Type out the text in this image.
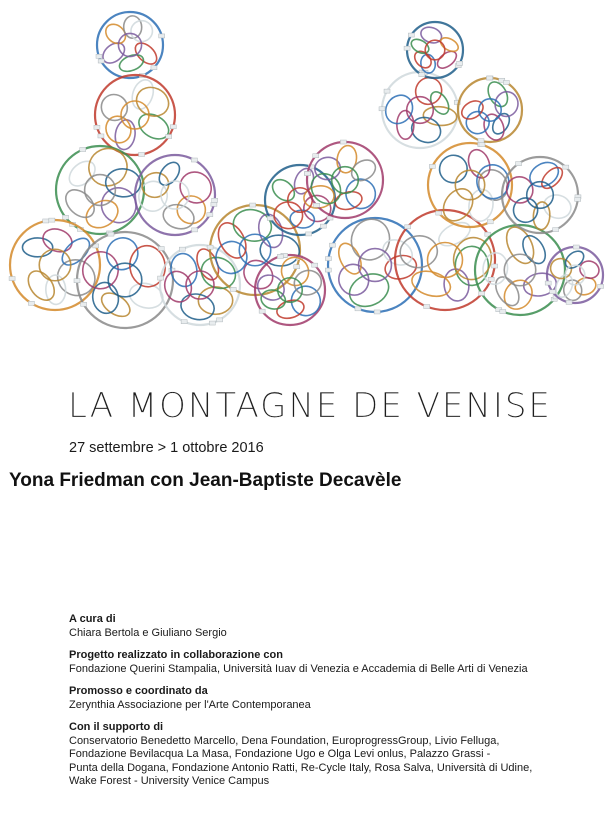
LA MONTAGNE DE VENISE
27 settembre > 1 ottobre 2016
Yona Friedman con Jean-Baptiste Decavèle
A cura di
Chiara Bertola e Giuliano Sergio
Progetto realizzato in collaborazione con
Fondazione Querini Stampalia, Università Iuav di Venezia e Accademia di Belle Arti di Venezia
Promosso e coordinato da
Zerynthia Associazione per l'Arte Contemporanea
Con il supporto di
Conservatorio Benedetto Marcello, Dena Foundation, EuroprogressGroup, Livio Felluga,
Fondazione Bevilacqua La Masa, Fondazione Ugo e Olga Levi onlus, Palazzo Grassi -
Punta della Dogana, Fondazione Antonio Ratti, Re-Cycle Italy, Rosa Salva, Università di Udine,
Wake Forest - University Venice Campus
